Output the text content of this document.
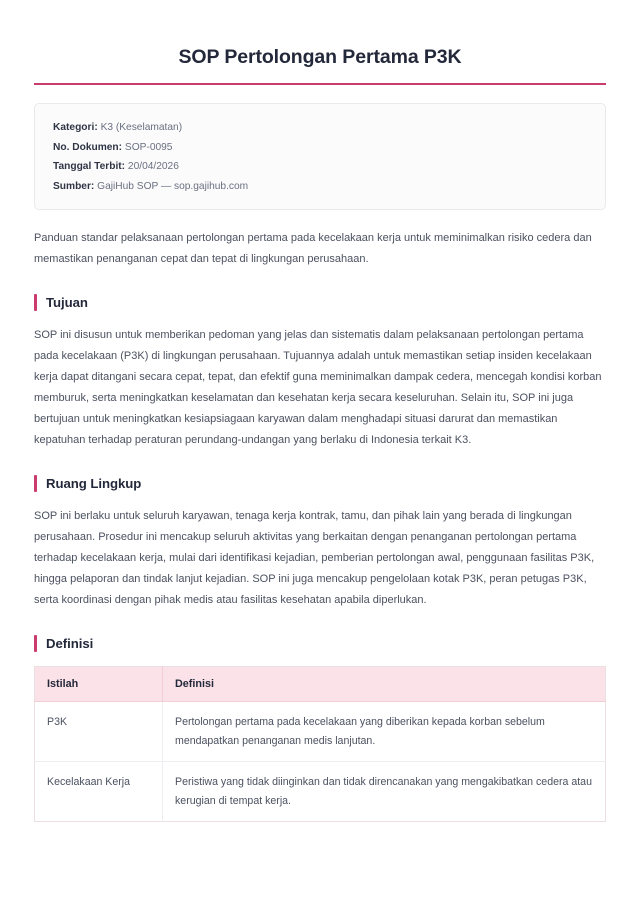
SOP Pertolongan Pertama P3K
Kategori: K3 (Keselamatan)
No. Dokumen: SOP-0095
Tanggal Terbit: 20/04/2026
Sumber: GajiHub SOP — sop.gajihub.com

Panduan standar pelaksanaan pertolongan pertama pada kecelakaan kerja untuk meminimalkan risiko cedera dan memastikan penanganan cepat dan tepat di lingkungan perusahaan.

Tujuan

SOP ini disusun untuk memberikan pedoman yang jelas dan sistematis dalam pelaksanaan pertolongan pertama pada kecelakaan (P3K) di lingkungan perusahaan. Tujuannya adalah untuk memastikan setiap insiden kecelakaan kerja dapat ditangani secara cepat, tepat, dan efektif guna meminimalkan dampak cedera, mencegah kondisi korban memburuk, serta meningkatkan keselamatan dan kesehatan kerja secara keseluruhan. Selain itu, SOP ini juga bertujuan untuk meningkatkan kesiapsiagaan karyawan dalam menghadapi situasi darurat dan memastikan kepatuhan terhadap peraturan perundang-undangan yang berlaku di Indonesia terkait K3.

Ruang Lingkup

SOP ini berlaku untuk seluruh karyawan, tenaga kerja kontrak, tamu, dan pihak lain yang berada di lingkungan perusahaan. Prosedur ini mencakup seluruh aktivitas yang berkaitan dengan penanganan pertolongan pertama terhadap kecelakaan kerja, mulai dari identifikasi kejadian, pemberian pertolongan awal, penggunaan fasilitas P3K, hingga pelaporan dan tindak lanjut kejadian. SOP ini juga mencakup pengelolaan kotak P3K, peran petugas P3K, serta koordinasi dengan pihak medis atau fasilitas kesehatan apabila diperlukan.

Definisi
Istilah	Definisi
P3K	Pertolongan pertama pada kecelakaan yang diberikan kepada korban sebelum mendapatkan penanganan medis lanjutan.
Kecelakaan Kerja	Peristiwa yang tidak diinginkan dan tidak direncanakan yang mengakibatkan cedera atau kerugian di tempat kerja.
